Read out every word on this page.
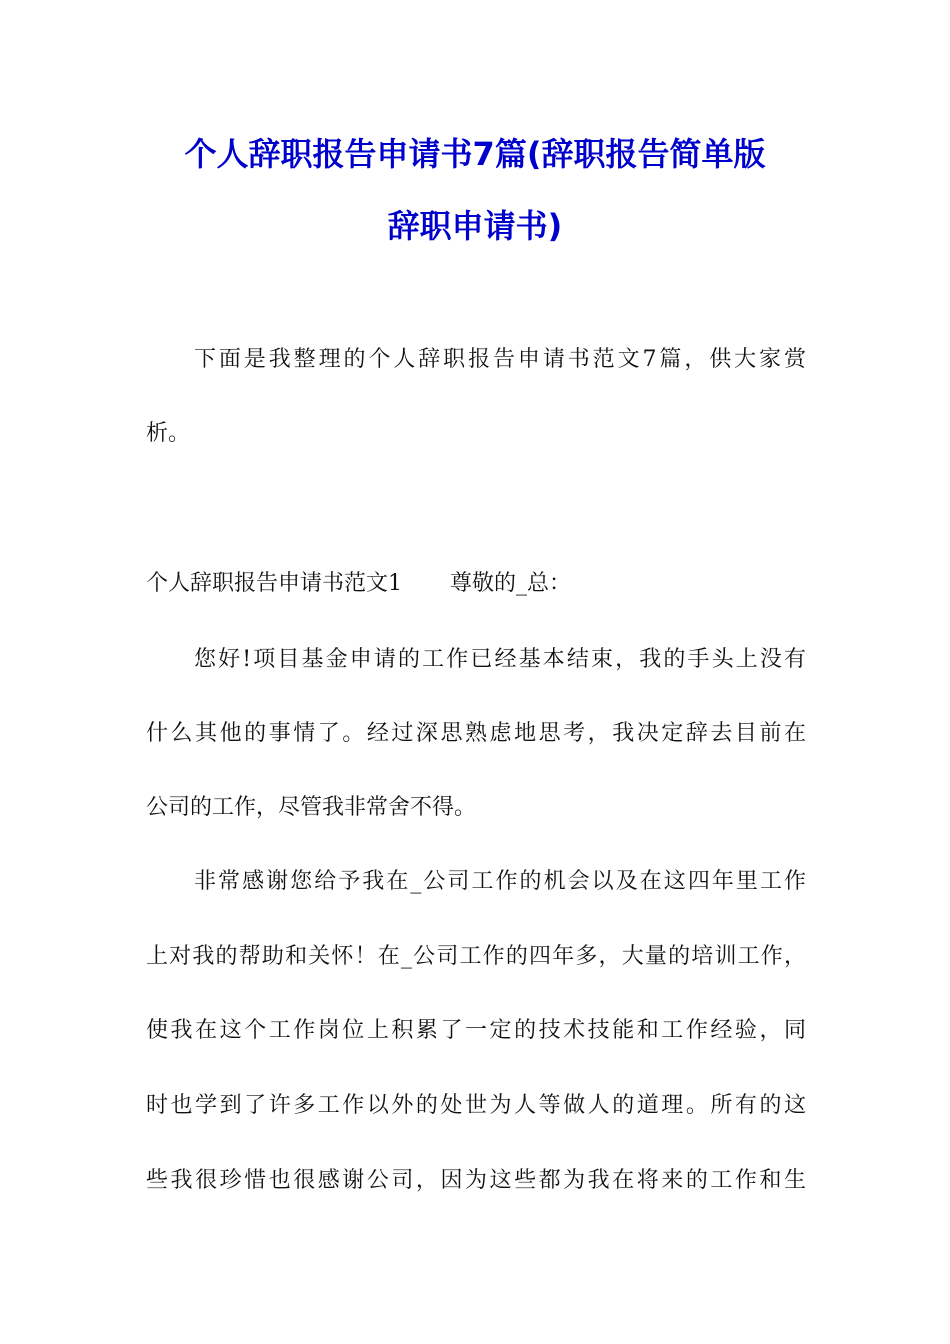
个人辞职报告申请书7篇(辞职报告简单版
辞职申请书)
下面是我整理的个人辞职报告申请书范文7篇，供大家赏
析。
个人辞职报告申请书范文1 尊敬的_总：
您好!项目基金申请的工作已经基本结束，我的手头上没有
什么其他的事情了。经过深思熟虑地思考，我决定辞去目前在
公司的工作，尽管我非常舍不得。
非常感谢您给予我在_公司工作的机会以及在这四年里工作
上对我的帮助和关怀！在_公司工作的四年多，大量的培训工作，
使我在这个工作岗位上积累了一定的技术技能和工作经验，同
时也学到了许多工作以外的处世为人等做人的道理。所有的这
些我很珍惜也很感谢公司，因为这些都为我在将来的工作和生
